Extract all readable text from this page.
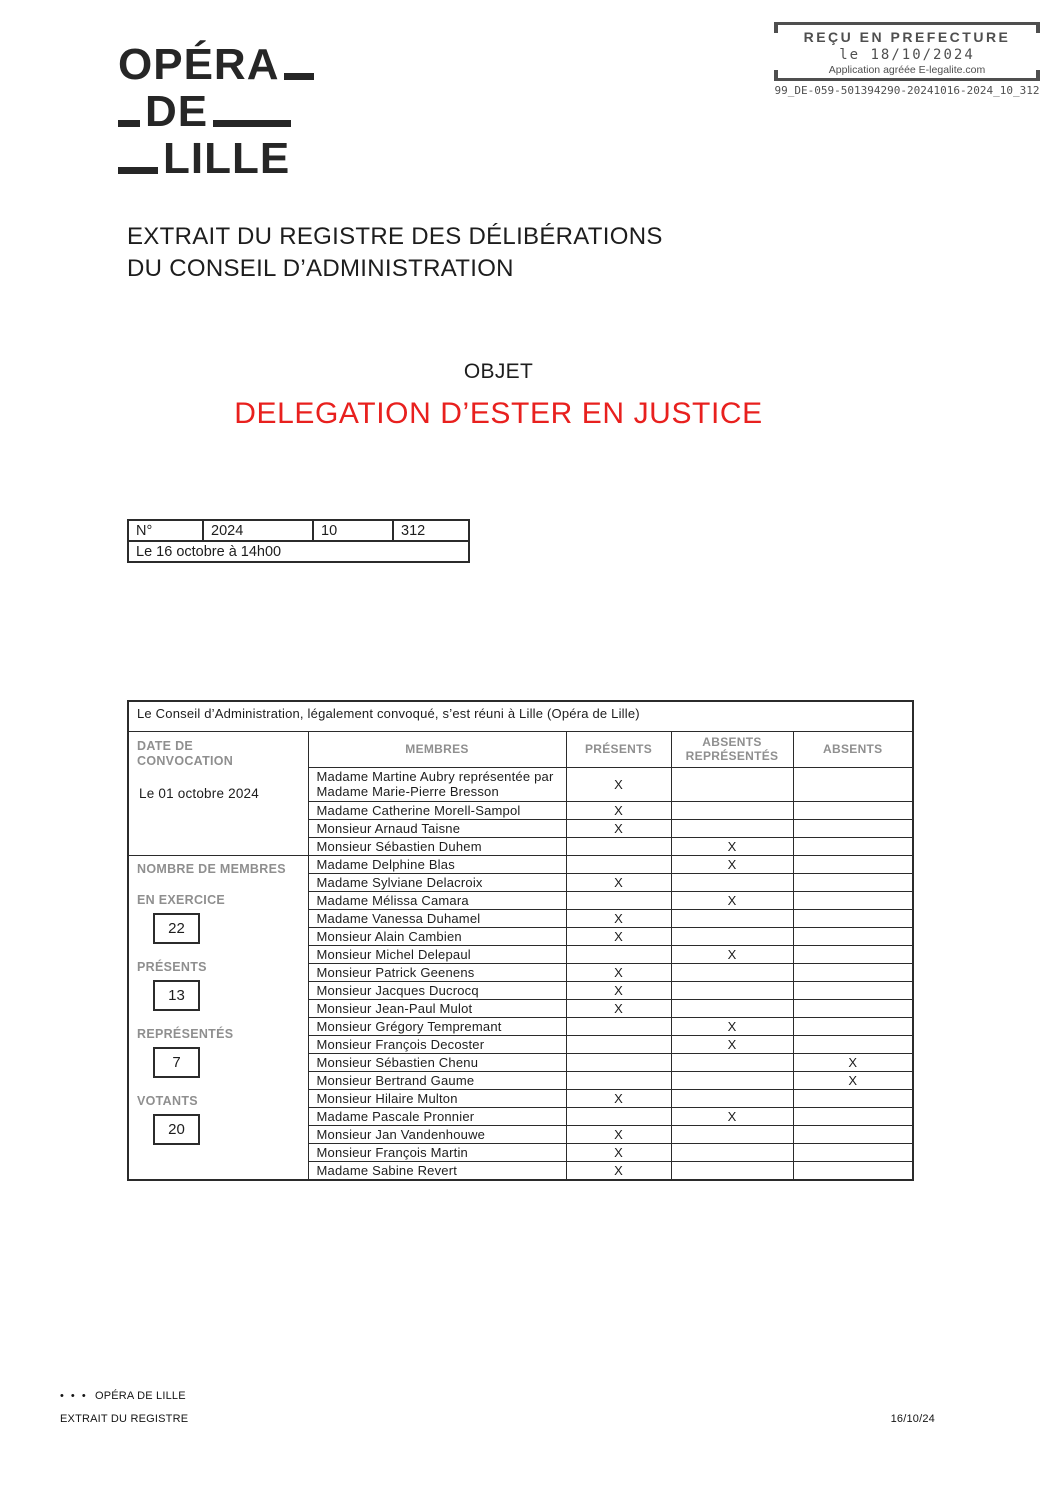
REÇU EN PREFECTURE
le 18/10/2024
Application agréée E-legalite.com
99_DE-059-501394290-20241016-2024_10_312
OPÉRA
DE
LILLE
EXTRAIT DU REGISTRE DES DÉLIBÉRATIONS
DU CONSEIL D’ADMINISTRATION
OBJET
DELEGATION D’ESTER EN JUSTICE
N°	2024	10	312
Le 16 octobre à 14h00
Le Conseil d’Administration, légalement convoqué, s’est réuni à Lille (Opéra de Lille)				

DATE DE CONVOCATION
Le 01 octobre 2024	MEMBRES	PRÉSENTS	ABSENTS REPRÉSENTÉS	ABSENTS
	Madame Martine Aubry représentée par Madame Marie-Pierre Bresson	X		
	Madame Catherine Morell-Sampol	X		
	Monsieur Arnaud Taisne	X		
	Monsieur Sébastien Duhem		X	

NOMBRE DE MEMBRES
EN EXERCICE
22
PRÉSENTS
13
REPRÉSENTÉS
7
VOTANTS
20
	Madame Delphine Blas		X	
	Madame Sylviane Delacroix	X		
	Madame Mélissa Camara		X	
	Madame Vanessa Duhamel	X		
	Monsieur Alain Cambien	X		
	Monsieur Michel Delepaul		X	
	Monsieur Patrick Geenens	X		
	Monsieur Jacques Ducrocq	X		
	Monsieur Jean-Paul Mulot	X		
	Monsieur Grégory Tempremant		X	
	Monsieur François Decoster		X	
	Monsieur Sébastien Chenu			X
	Monsieur Bertrand Gaume			X
	Monsieur Hilaire Multon	X		
	Madame Pascale Pronnier		X	
	Monsieur Jan Vandenhouwe	X		
	Monsieur François Martin	X		
	Madame Sabine Revert	X		
• • • OPÉRA DE LILLE
EXTRAIT DU REGISTRE	16/10/24
